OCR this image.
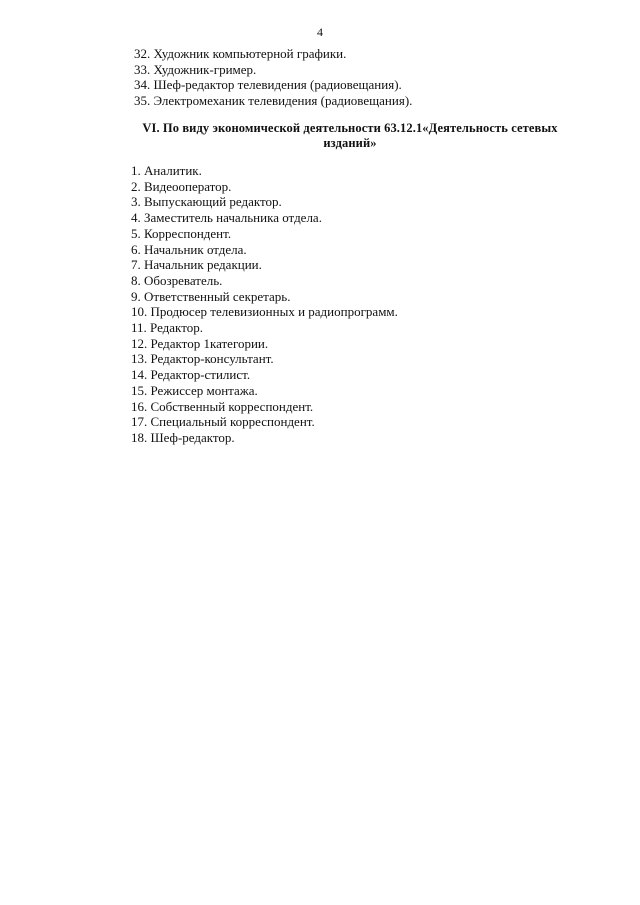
4
32. Художник компьютерной графики.
33. Художник-гример.
34. Шеф-редактор телевидения (радиовещания).
35. Электромеханик телевидения (радиовещания).
VI. По виду экономической деятельности 63.12.1«Деятельность сетевых
изданий»
1. Аналитик.
2. Видеооператор.
3. Выпускающий редактор.
4. Заместитель начальника отдела.
5. Корреспондент.
6. Начальник отдела.
7. Начальник редакции.
8. Обозреватель.
9. Ответственный секретарь.
10. Продюсер телевизионных и радиопрограмм.
11. Редактор.
12. Редактор 1категории.
13. Редактор-консультант.
14. Редактор-стилист.
15. Режиссер монтажа.
16. Собственный корреспондент.
17. Специальный корреспондент.
18. Шеф-редактор.
